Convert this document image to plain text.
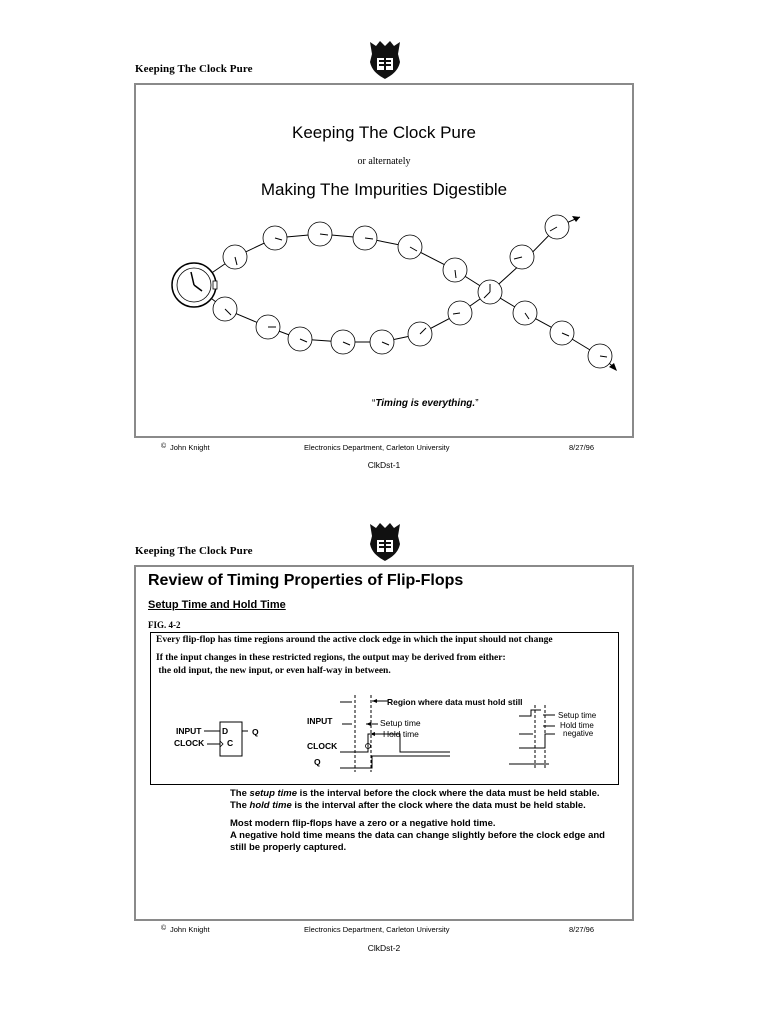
Keeping The Clock Pure
Keeping The Clock Pure
or alternately
Making The Impurities Digestible
“Timing is everything.”
© John Knight	Electronics Department, Carleton University	8/27/96
ClkDst-1
Keeping The Clock Pure
Review of Timing Properties of Flip-Flops
Setup Time and Hold Time
FIG. 4-2
Every flip-flop has time regions around the active clock edge in which the input should not change
If the input changes in these restricted regions, the output may be derived from either:
the old input, the new input, or even half-way in between.
INPUT
CLOCK
D
C
Q
Region where data must hold still
INPUT	Setup time
Hold time
CLOCK
Q
Setup time
Hold time
negative
The setup time is the interval before the clock where the data must be held stable.
The hold time is the interval after the clock where the data must be held stable.
Most modern flip-flops have a zero or a negative hold time.
A negative hold time means the data can change slightly before the clock edge and
still be properly captured.
© John Knight	Electronics Department, Carleton University	8/27/96
ClkDst-2
